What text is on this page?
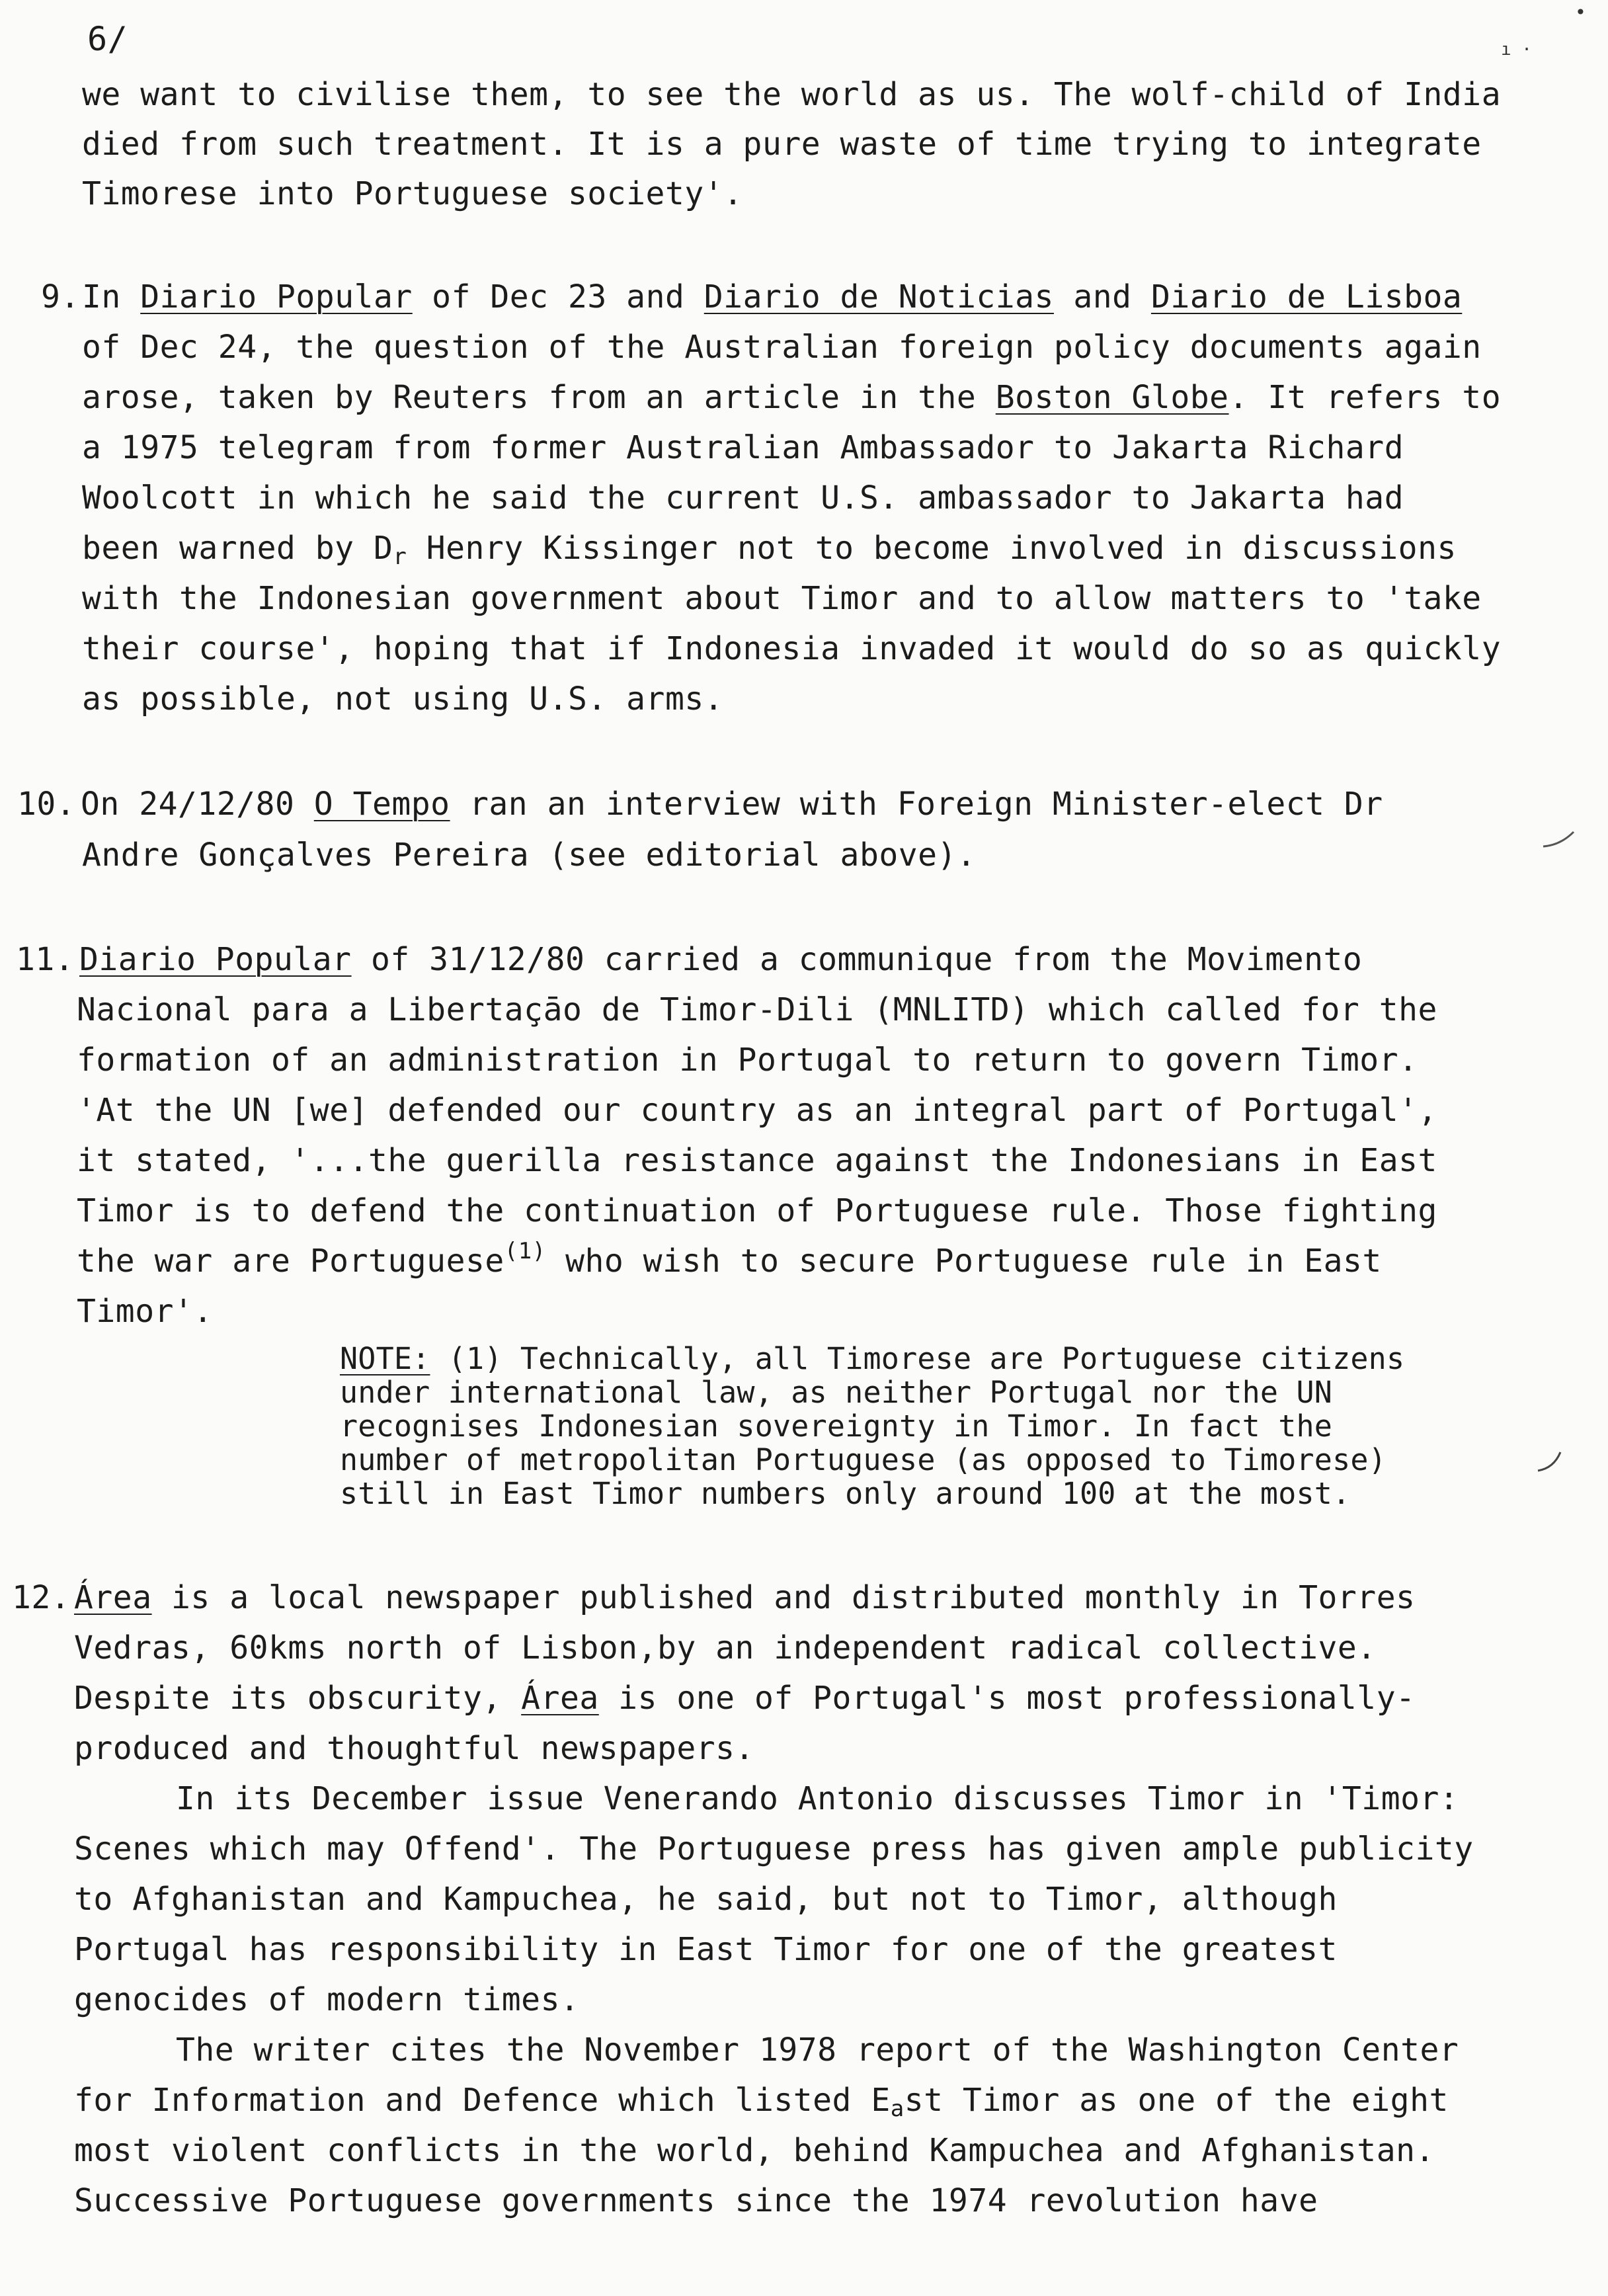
6/
•
ı ·
we want to civilise them, to see the world as us. The wolf-child of India
died from such treatment. It is a pure waste of time trying to integrate
Timorese into Portuguese society'.
9. In Diario Popular of Dec 23 and Diario de Noticias and Diario de Lisboa
of Dec 24, the question of the Australian foreign policy documents again
arose, taken by Reuters from an article in the Boston Globe. It refers to
a 1975 telegram from former Australian Ambassador to Jakarta Richard
Woolcott in which he said the current U.S. ambassador to Jakarta had
been warned by $D_r$ Henry Kissinger not to become involved in discussions
with the Indonesian government about Timor and to allow matters to 'take
their course', hoping that if Indonesia invaded it would do so as quickly
as possible, not using U.S. arms.
10. On 24/12/80 O Tempo ran an interview with Foreign Minister-elect Dr
Andre Gonçalves Pereira (see editorial above).
11. Diario Popular of 31/12/80 carried a communique from the Movimento
Nacional para a Libertaçāo de Timor-Dili (MNLITD) which called for the
formation of an administration in Portugal to return to govern Timor.
'At the UN [we] defended our country as an integral part of Portugal',
it stated, '...the guerilla resistance against the Indonesians in East
Timor is to defend the continuation of Portuguese rule. Those fighting
the war are Portuguese$^{(1)}$ who wish to secure Portuguese rule in East
Timor'.
NOTE: (1) Technically, all Timorese are Portuguese citizens
under international law, as neither Portugal nor the UN
recognises Indonesian sovereignty in Timor. In fact the
number of metropolitan Portuguese (as opposed to Timorese)
still in East Timor numbers only around 100 at the most.
12. Área is a local newspaper published and distributed monthly in Torres
Vedras, 60kms north of Lisbon,by an independent radical collective.
Despite its obscurity, Área is one of Portugal's most professionally-
produced and thoughtful newspapers.
In its December issue Venerando Antonio discusses Timor in 'Timor:
Scenes which may Offend'. The Portuguese press has given ample publicity
to Afghanistan and Kampuchea, he said, but not to Timor, although
Portugal has responsibility in East Timor for one of the greatest
genocides of modern times.
The writer cites the November 1978 report of the Washington Center
for Information and Defence which listed $E_ast$ Timor as one of the eight
most violent conflicts in the world, behind Kampuchea and Afghanistan.
Successive Portuguese governments since the 1974 revolution have
